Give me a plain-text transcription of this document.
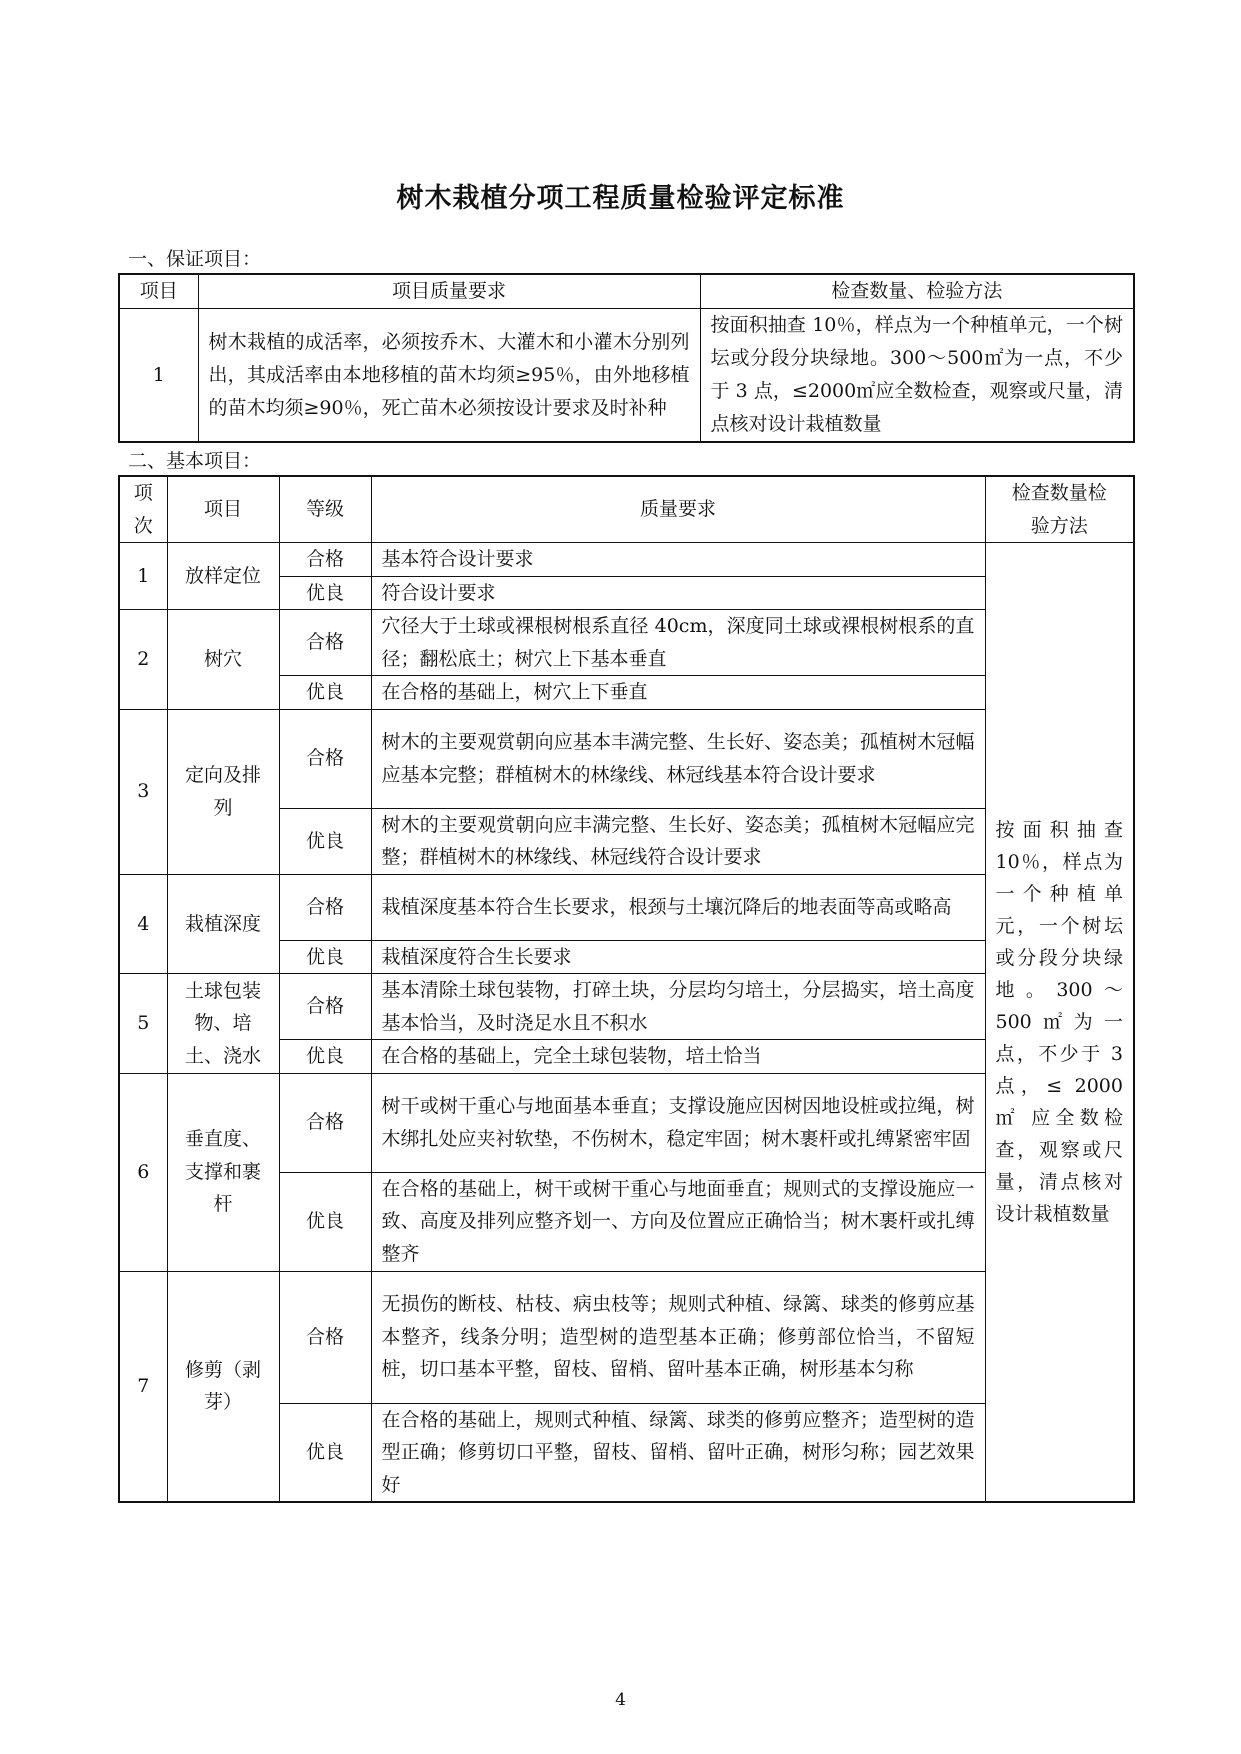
树木栽植分项工程质量检验评定标准
一、保证项目：
项目	项目质量要求	检查数量、检验方法
1	树木栽植的成活率，必须按乔木、大灌木和小灌木分别列出，其成活率由本地移植的苗木均须≥95％，由外地移植的苗木均须≥90％，死亡苗木必须按设计要求及时补种	按面积抽查 10％，样点为一个种植单元，一个树坛或分段分块绿地。300～500㎡为一点，不少于 3 点，≤2000㎡应全数检查，观察或尺量，清点核对设计栽植数量
二、基本项目：
项次	项目	等级	质量要求	检查数量检验方法
1	放样定位	合格	基本符合设计要求	按面积抽查10％，样点为一个种植单元，一个树坛或分段分块绿地。300～500㎡为一点，不少于 3 点，≤ 2000 ㎡ 应全数检查，观察或尺量，清点核对设计栽植数量
		优良	符合设计要求	
2	树穴	合格	穴径大于土球或裸根树根系直径 40cm，深度同土球或裸根树根系的直径；翻松底土；树穴上下基本垂直	
		优良	在合格的基础上，树穴上下垂直	
3	定向及排列	合格	树木的主要观赏朝向应基本丰满完整、生长好、姿态美；孤植树木冠幅应基本完整；群植树木的林缘线、林冠线基本符合设计要求	
		优良	树木的主要观赏朝向应丰满完整、生长好、姿态美；孤植树木冠幅应完整；群植树木的林缘线、林冠线符合设计要求	
4	栽植深度	合格	栽植深度基本符合生长要求，根颈与土壤沉降后的地表面等高或略高	
		优良	栽植深度符合生长要求	
5	土球包装物、培土、浇水	合格	基本清除土球包装物，打碎土块，分层均匀培土，分层捣实，培土高度基本恰当，及时浇足水且不积水	
		优良	在合格的基础上，完全土球包装物，培土恰当	
6	垂直度、支撑和裹杆	合格	树干或树干重心与地面基本垂直；支撑设施应因树因地设桩或拉绳，树木绑扎处应夹衬软垫，不伤树木，稳定牢固；树木裹杆或扎缚紧密牢固	
		优良	在合格的基础上，树干或树干重心与地面垂直；规则式的支撑设施应一致、高度及排列应整齐划一、方向及位置应正确恰当；树木裹杆或扎缚整齐	
7	修剪（剥芽）	合格	无损伤的断枝、枯枝、病虫枝等；规则式种植、绿篱、球类的修剪应基本整齐，线条分明；造型树的造型基本正确；修剪部位恰当，不留短桩，切口基本平整，留枝、留梢、留叶基本正确，树形基本匀称	
		优良	在合格的基础上，规则式种植、绿篱、球类的修剪应整齐；造型树的造型正确；修剪切口平整，留枝、留梢、留叶正确，树形匀称；园艺效果好	
4
